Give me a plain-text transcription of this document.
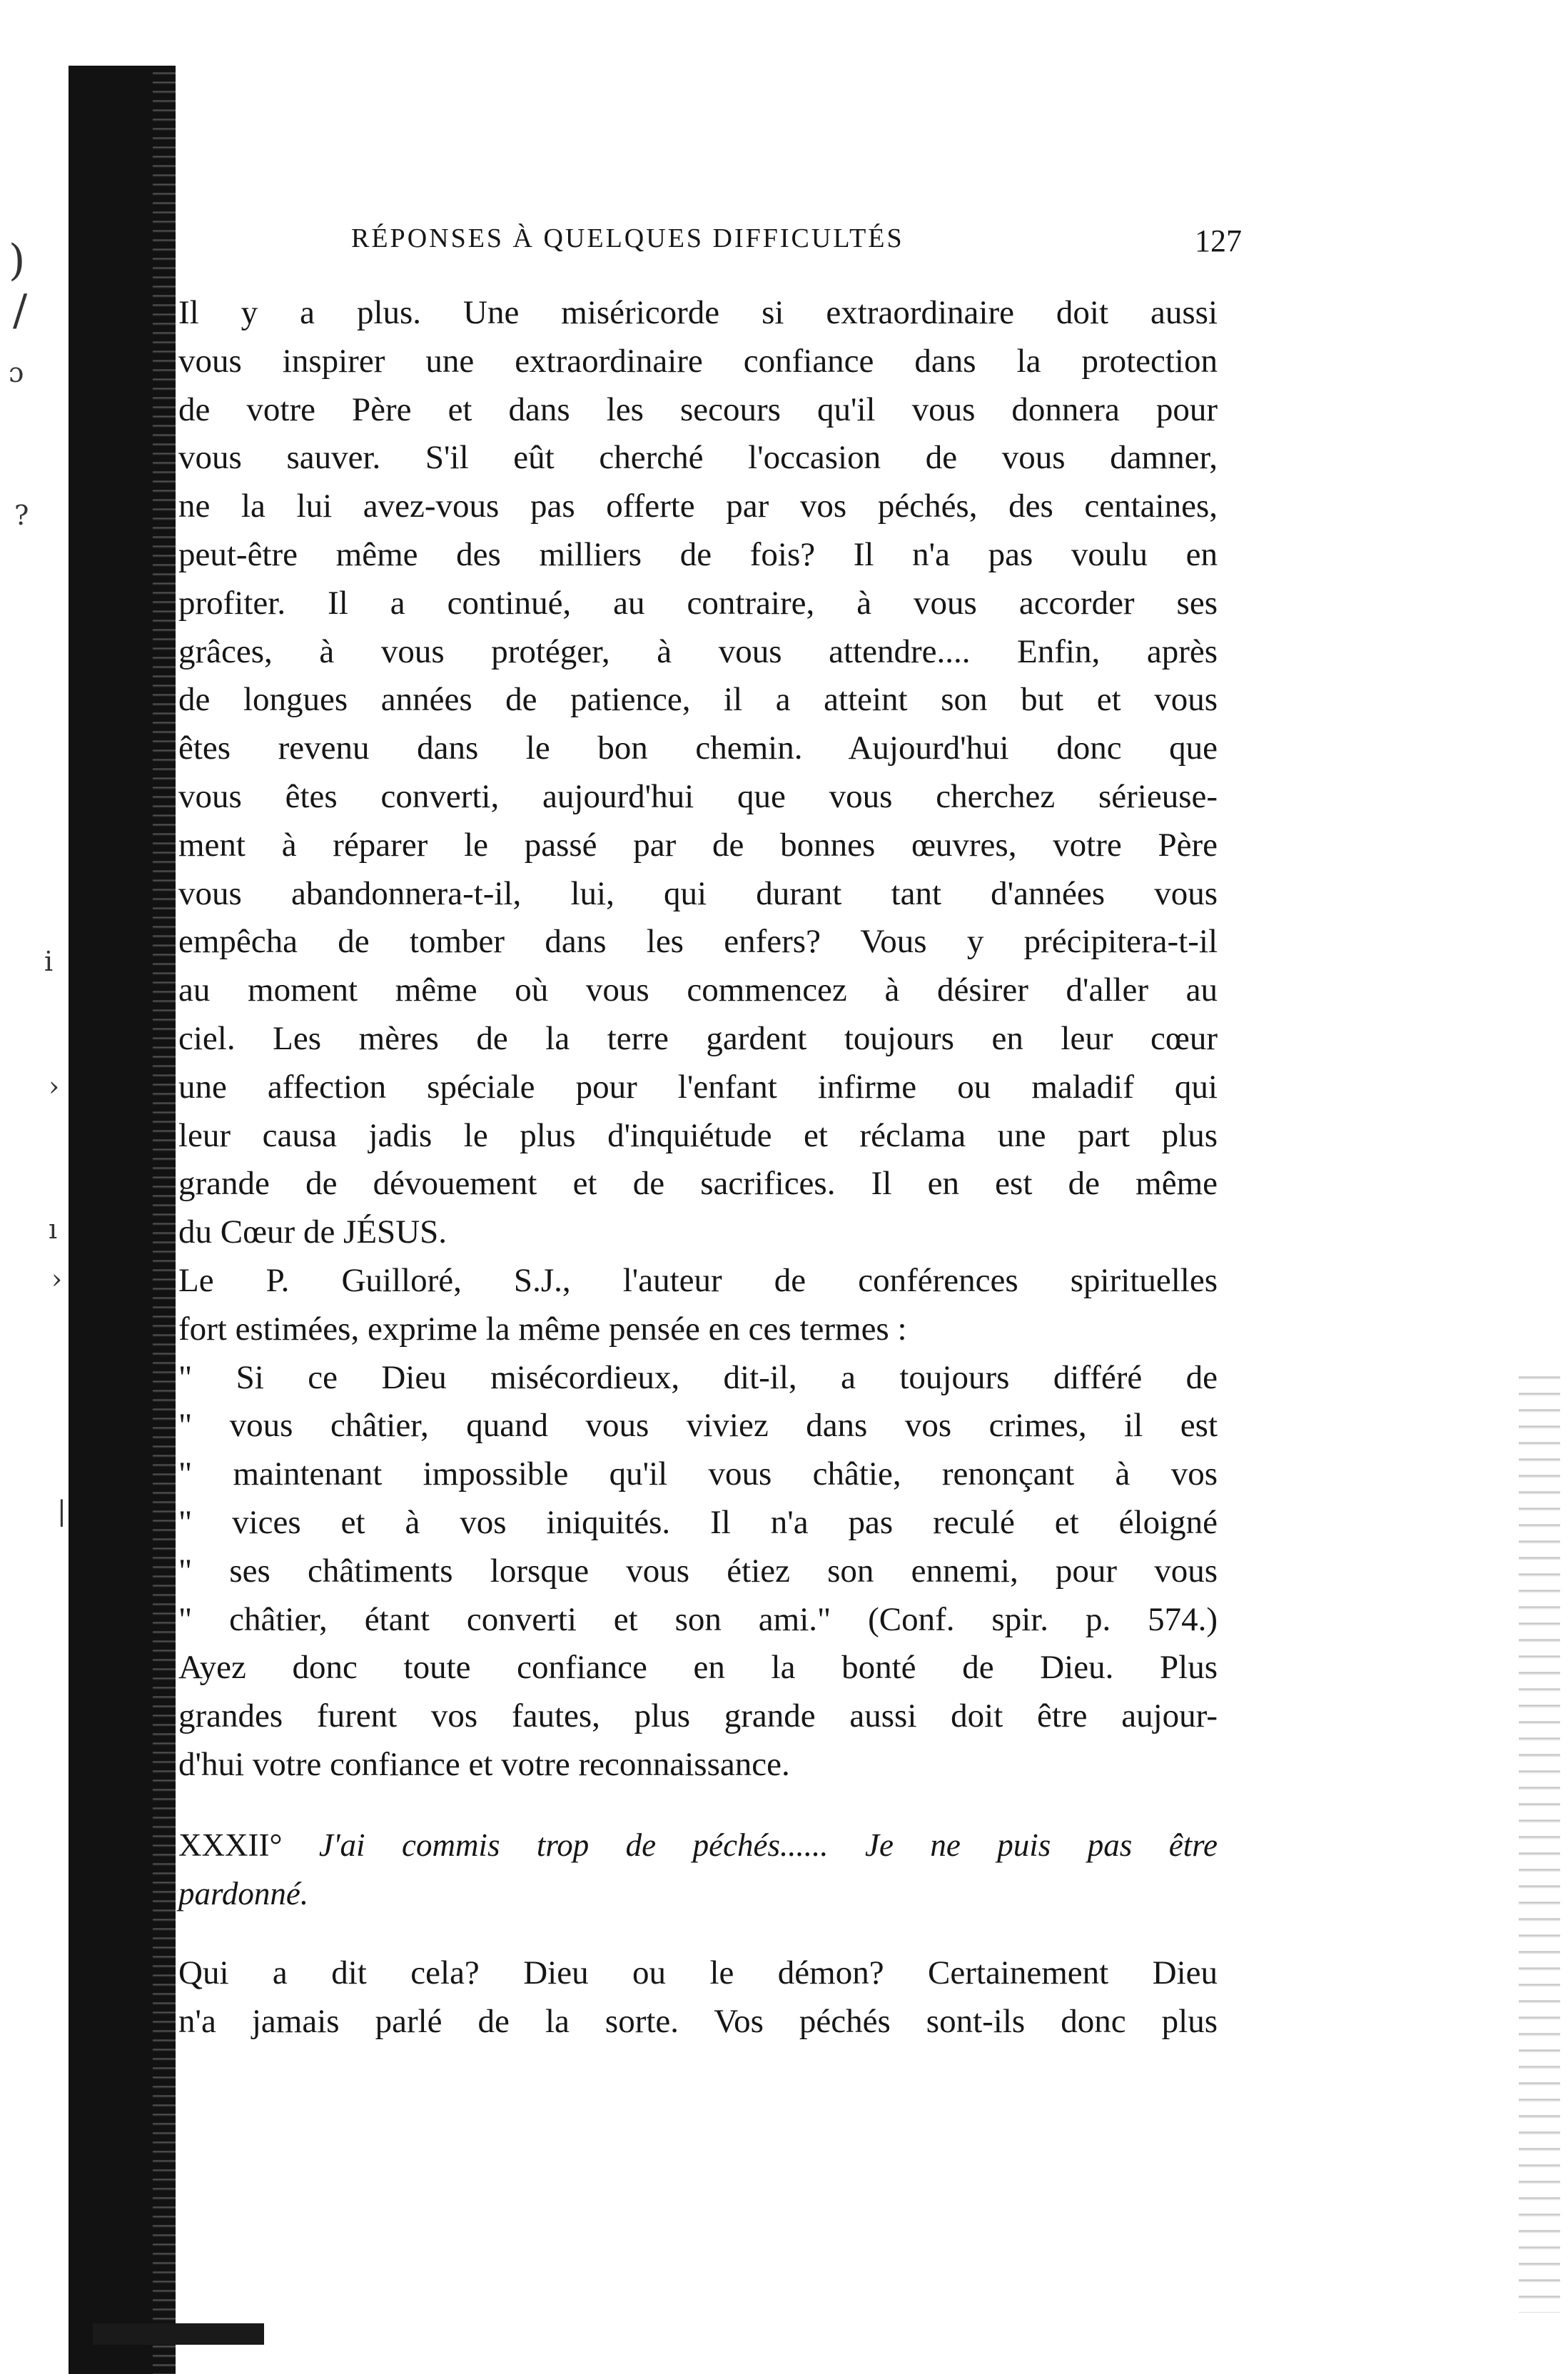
)
/
ɔ
?
i
›
ı
›
|
RÉPONSES À QUELQUES DIFFICULTÉS	127
Il y a plus. Une miséricorde si extraordinaire doit aussi
vous inspirer une extraordinaire confiance dans la protection
de votre Père et dans les secours qu'il vous donnera pour
vous sauver. S'il eût cherché l'occasion de vous damner,
ne la lui avez-vous pas offerte par vos péchés, des centaines,
peut-être même des milliers de fois? Il n'a pas voulu en
profiter. Il a continué, au contraire, à vous accorder ses
grâces, à vous protéger, à vous attendre.... Enfin, après
de longues années de patience, il a atteint son but et vous
êtes revenu dans le bon chemin. Aujourd'hui donc que
vous êtes converti, aujourd'hui que vous cherchez sérieuse-
ment à réparer le passé par de bonnes œuvres, votre Père
vous abandonnera-t-il, lui, qui durant tant d'années vous
empêcha de tomber dans les enfers? Vous y précipitera-t-il
au moment même où vous commencez à désirer d'aller au
ciel. Les mères de la terre gardent toujours en leur cœur
une affection spéciale pour l'enfant infirme ou maladif qui
leur causa jadis le plus d'inquiétude et réclama une part plus
grande de dévouement et de sacrifices. Il en est de même
du Cœur de JÉSUS.
Le P. Guilloré, S.J., l'auteur de conférences spirituelles
fort estimées, exprime la même pensée en ces termes :
" Si ce Dieu misécordieux, dit-il, a toujours différé de
" vous châtier, quand vous viviez dans vos crimes, il est
" maintenant impossible qu'il vous châtie, renonçant à vos
" vices et à vos iniquités. Il n'a pas reculé et éloigné
" ses châtiments lorsque vous étiez son ennemi, pour vous
" châtier, étant converti et son ami." (Conf. spir. p. 574.)
Ayez donc toute confiance en la bonté de Dieu. Plus
grandes furent vos fautes, plus grande aussi doit être aujour-
d'hui votre confiance et votre reconnaissance.
XXXII° J'ai commis trop de péchés...... Je ne puis pas être
pardonné.
Qui a dit cela? Dieu ou le démon? Certainement Dieu
n'a jamais parlé de la sorte. Vos péchés sont-ils donc plus
